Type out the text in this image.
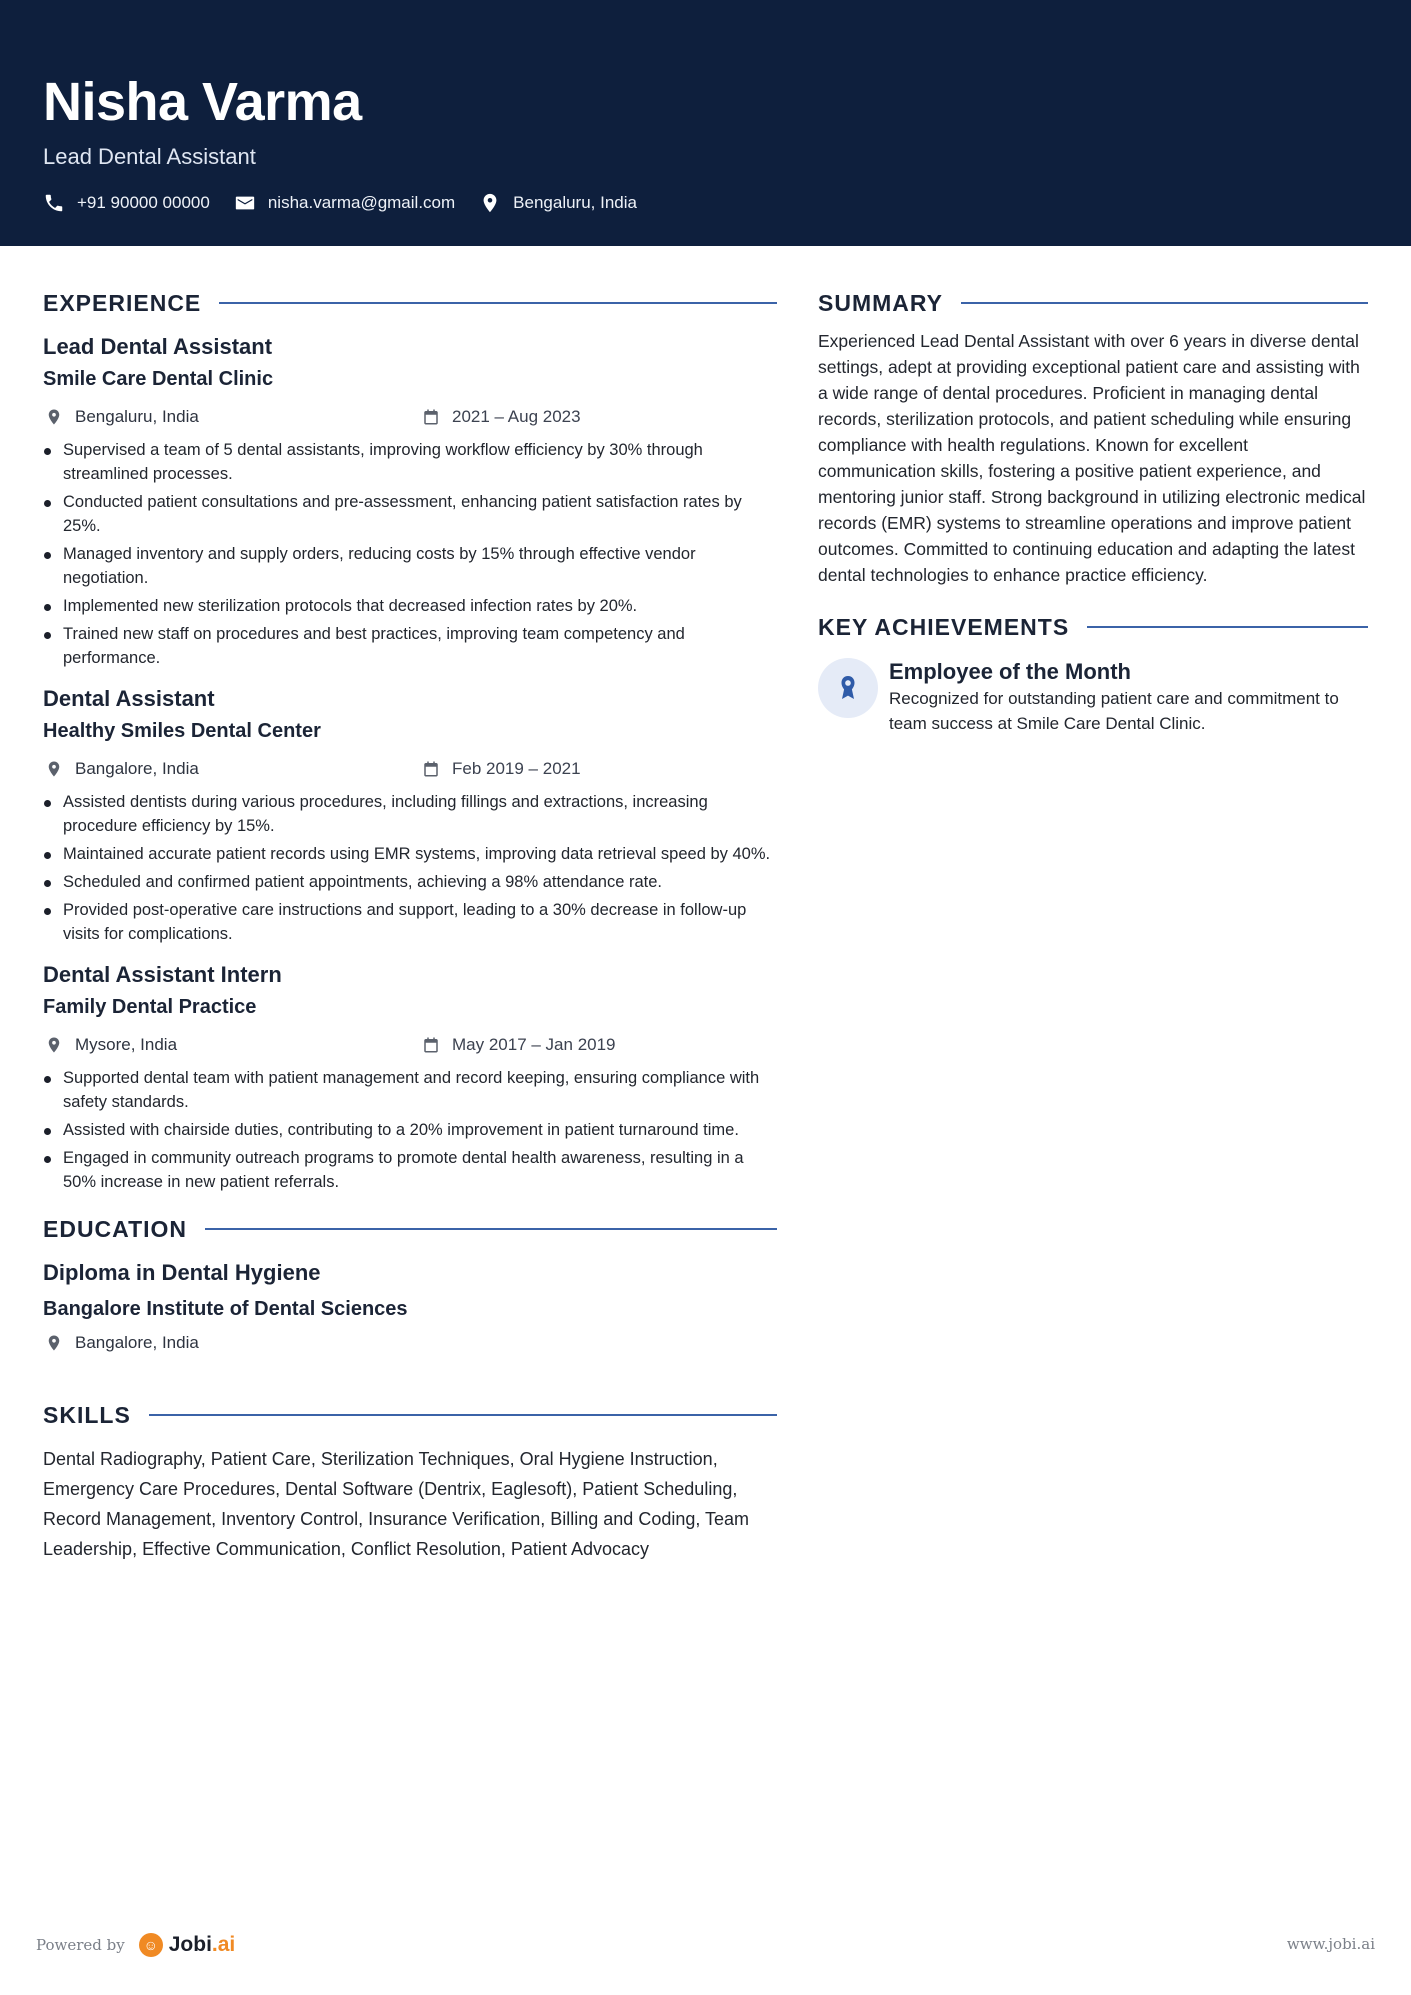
Nisha Varma
Lead Dental Assistant
+91 90000 00000	nisha.varma@gmail.com	Bengaluru, India
EXPERIENCE
Lead Dental Assistant
Smile Care Dental Clinic
Bengaluru, India	2021 – Aug 2023
Supervised a team of 5 dental assistants, improving workflow efficiency by 30% through streamlined processes.
Conducted patient consultations and pre-assessment, enhancing patient satisfaction rates by 25%.
Managed inventory and supply orders, reducing costs by 15% through effective vendor negotiation.
Implemented new sterilization protocols that decreased infection rates by 20%.
Trained new staff on procedures and best practices, improving team competency and performance.
Dental Assistant
Healthy Smiles Dental Center
Bangalore, India	Feb 2019 – 2021
Assisted dentists during various procedures, including fillings and extractions, increasing procedure efficiency by 15%.
Maintained accurate patient records using EMR systems, improving data retrieval speed by 40%.
Scheduled and confirmed patient appointments, achieving a 98% attendance rate.
Provided post-operative care instructions and support, leading to a 30% decrease in follow-up visits for complications.
Dental Assistant Intern
Family Dental Practice
Mysore, India	May 2017 – Jan 2019
Supported dental team with patient management and record keeping, ensuring compliance with safety standards.
Assisted with chairside duties, contributing to a 20% improvement in patient turnaround time.
Engaged in community outreach programs to promote dental health awareness, resulting in a 50% increase in new patient referrals.
EDUCATION
Diploma in Dental Hygiene
Bangalore Institute of Dental Sciences
Bangalore, India
SKILLS
Dental Radiography, Patient Care, Sterilization Techniques, Oral Hygiene Instruction, Emergency Care Procedures, Dental Software (Dentrix, Eaglesoft), Patient Scheduling, Record Management, Inventory Control, Insurance Verification, Billing and Coding, Team Leadership, Effective Communication, Conflict Resolution, Patient Advocacy
SUMMARY
Experienced Lead Dental Assistant with over 6 years in diverse dental settings, adept at providing exceptional patient care and assisting with a wide range of dental procedures. Proficient in managing dental records, sterilization protocols, and patient scheduling while ensuring compliance with health regulations. Known for excellent communication skills, fostering a positive patient experience, and mentoring junior staff. Strong background in utilizing electronic medical records (EMR) systems to streamline operations and improve patient outcomes. Committed to continuing education and adapting the latest dental technologies to enhance practice efficiency.
KEY ACHIEVEMENTS
Employee of the Month
Recognized for outstanding patient care and commitment to team success at Smile Care Dental Clinic.
Powered by	☺ Jobi .ai	www.jobi.ai
